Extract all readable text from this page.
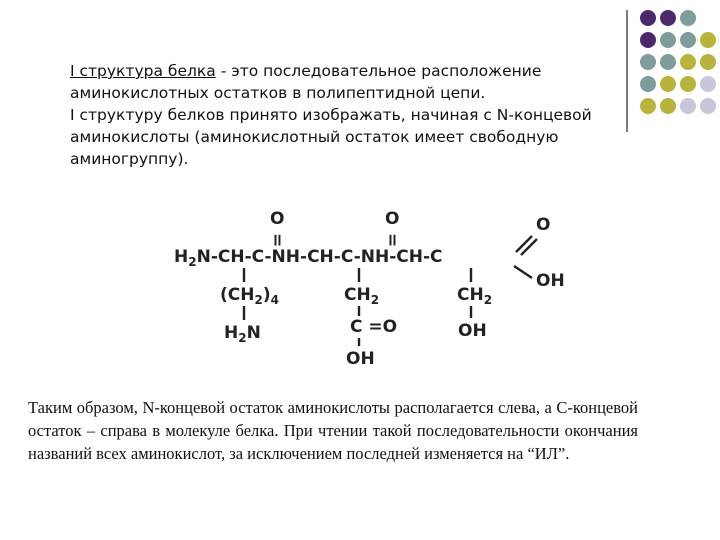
I структура белка - это последовательное расположение аминокислотных остатков в полипептидной цепи.

I структуру белков принято изображать, начиная с N-концевой аминокислоты (аминокислотный остаток имеет свободную аминогруппу).

O	O
=	=
O
$H_2N-CH-C-NH-CH-C-NH-CH-C$
OH
$(CH_2)_4$
$H_2N$
$CH_2$
C =O
OH
$CH_2$
OH
Таким образом, N-концевой остаток аминокислоты располагается слева, а С-концевой остаток – справа в молекуле белка. При чтении такой последовательности окончания названий всех аминокислот, за исключением последней изменяется на “ИЛ”.
